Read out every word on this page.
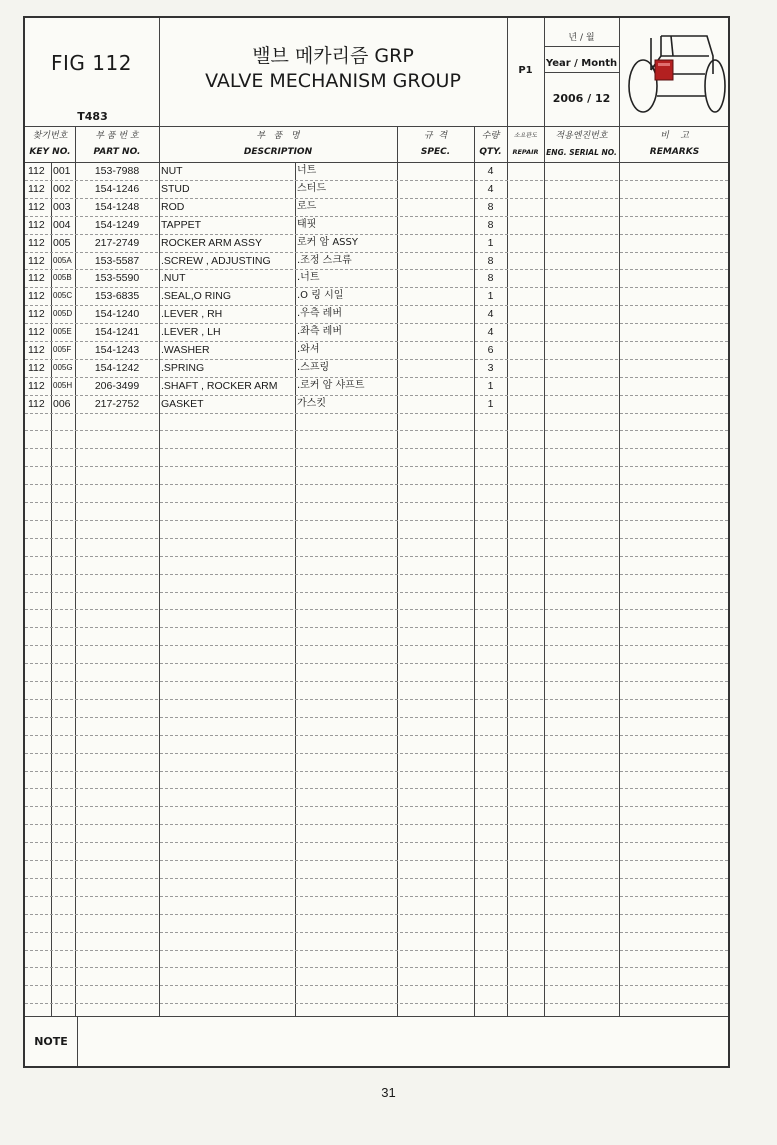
FIG 112
T483
밸브 메카리즘 GRP
VALVE MECHANISM GROUP	P1
년 / 월
Year / Month
2006 / 12
찾기번호
KEY NO.
부 품 번 호
PART NO.
부   품   명
DESCRIPTION
규  격
SPEC.
수량
QTY.
소요판도
REPAIR
적용엔진번호
ENG. SERIAL NO.
비    고
REMARKS
112 001	153-7988	NUT	너트	4
112 002	154-1246	STUD	스터드	4
112 003	154-1248	ROD	로드	8
112 004	154-1249	TAPPET	태핏	8
112 005	217-2749	ROCKER ARM ASSY	로커 암 ASSY	1
112	005A	153-5587	.SCREW , ADJUSTING	.조정 스크류	8
112	005B	153-5590	.NUT	.너트	8
112	005C	153-6835	.SEAL,O RING	.O 링 시일	1
112	005D	154-1240	.LEVER , RH	.우측 레버	4
112	005E	154-1241	.LEVER , LH	.좌측 레버	4
112	005F	154-1243	.WASHER	.와셔	6
112	005G	154-1242	.SPRING	.스프링	3
112	005H	206-3499	.SHAFT , ROCKER ARM	.로커 암 샤프트	1
112 006	217-2752	GASKET	가스킷	1
NOTE
31
